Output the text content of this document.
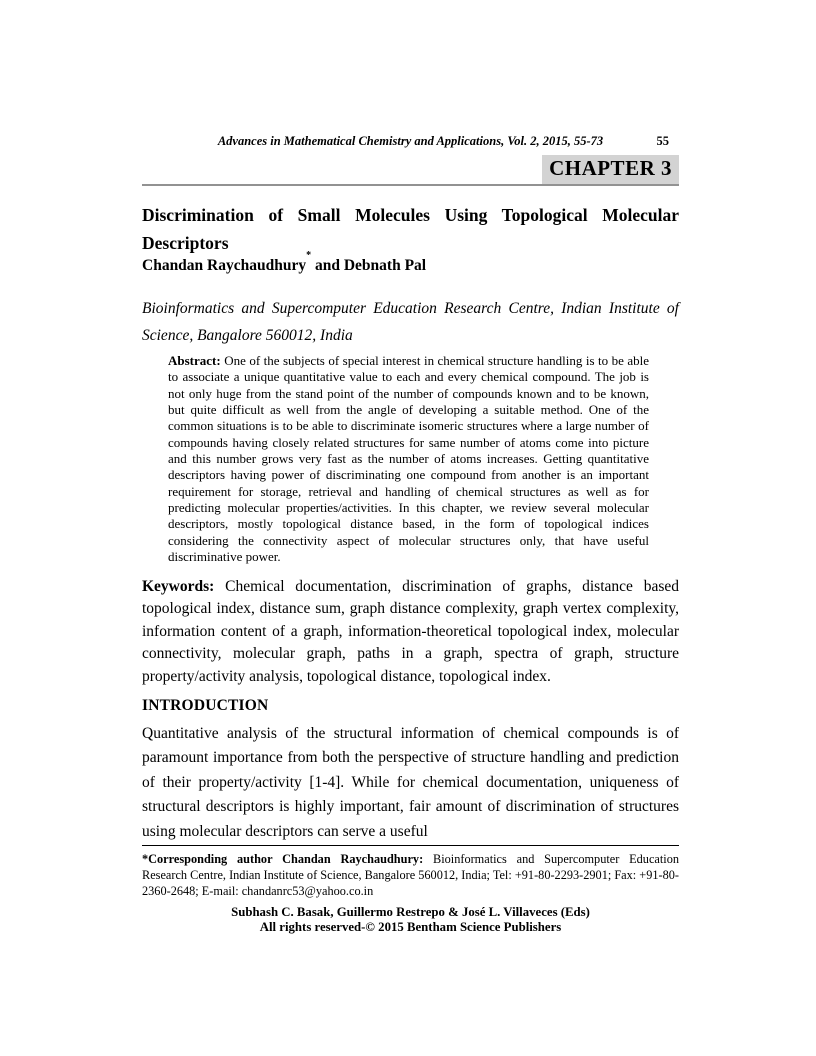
Advances in Mathematical Chemistry and Applications, Vol. 2, 2015, 55-73	55
CHAPTER 3
Discrimination of Small Molecules Using Topological Molecular Descriptors

Chandan Raychaudhury* and Debnath Pal

Bioinformatics and Supercomputer Education Research Centre, Indian Institute of Science, Bangalore 560012, India

Abstract: One of the subjects of special interest in chemical structure handling is to be able to associate a unique quantitative value to each and every chemical compound. The job is not only huge from the stand point of the number of compounds known and to be known, but quite difficult as well from the angle of developing a suitable method. One of the common situations is to be able to discriminate isomeric structures where a large number of compounds having closely related structures for same number of atoms come into picture and this number grows very fast as the number of atoms increases. Getting quantitative descriptors having power of discriminating one compound from another is an important requirement for storage, retrieval and handling of chemical structures as well as for predicting molecular properties/activities. In this chapter, we review several molecular descriptors, mostly topological distance based, in the form of topological indices considering the connectivity aspect of molecular structures only, that have useful discriminative power.

Keywords: Chemical documentation, discrimination of graphs, distance based topological index, distance sum, graph distance complexity, graph vertex complexity, information content of a graph, information-theoretical topological index, molecular connectivity, molecular graph, paths in a graph, spectra of graph, structure property/activity analysis, topological distance, topological index.

INTRODUCTION

Quantitative analysis of the structural information of chemical compounds is of paramount importance from both the perspective of structure handling and prediction of their property/activity [1-4]. While for chemical documentation, uniqueness of structural descriptors is highly important, fair amount of discrimination of structures using molecular descriptors can serve a useful

*Corresponding author Chandan Raychaudhury: Bioinformatics and Supercomputer Education Research Centre, Indian Institute of Science, Bangalore 560012, India; Tel: +91-80-2293-2901; Fax: +91-80-2360-2648; E-mail: chandanrc53@yahoo.co.in
Subhash C. Basak, Guillermo Restrepo & José L. Villaveces (Eds)
All rights reserved-© 2015 Bentham Science Publishers
